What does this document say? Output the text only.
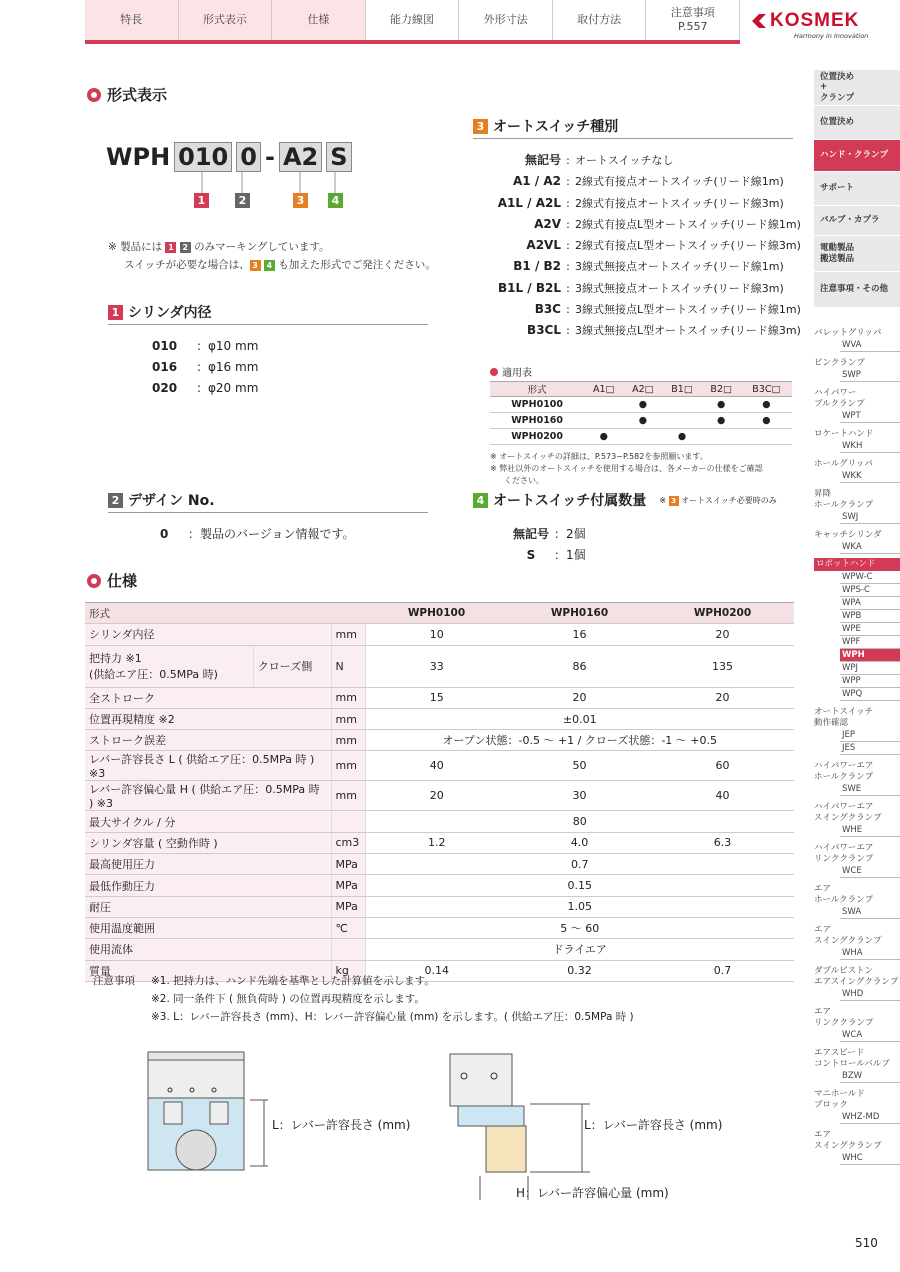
特長	形式表示	仕様	能力線図	外形寸法	取付方法
注意事項
P.557	KOSMEK
Harmony in Innovation
形式表示
WPH 010 0 - A2 S
1	2	3	4
※ 製品には 1 2 のみマーキングしています。
スイッチが必要な場合は、 3 4 も加えた形式でご発注ください。
1 シリンダ内径
010	: φ10 mm
016	: φ16 mm
020	: φ20 mm
2 デザイン No.
0	：製品のバージョン情報です。
3 オートスイッチ種別
無記号 : オートスイッチなし
A1 / A2 : 2線式有接点オートスイッチ(リード線1m)
A1L / A2L : 2線式有接点オートスイッチ(リード線3m)
A2V : 2線式有接点L型オートスイッチ(リード線1m)
A2VL : 2線式有接点L型オートスイッチ(リード線3m)
B1 / B2 : 3線式無接点オートスイッチ(リード線1m)
B1L / B2L : 3線式無接点オートスイッチ(リード線3m)
B3C : 3線式無接点L型オートスイッチ(リード線1m)
B3CL : 3線式無接点L型オートスイッチ(リード線3m)
適用表
形式	A1□	A2□	B1□	B2□	B3C□
WPH0100		●		●	●
WPH0160		●		●	●
WPH0200	●		●		
※ オートスイッチの詳細は、P.573~P.582を参照願います。
※ 弊社以外のオートスイッチを使用する場合は、各メーカーの仕様をご確認
ください。
4 オートスイッチ付属数量 ※ 3 オートスイッチ必要時のみ
無記号 ：2個
S	：1個
仕様
形式			WPH0100	WPH0160	WPH0200
シリンダ内径		mm	10	16	20

把持力 ※1
(供給エア圧：0.5MPa 時)	クローズ側	N	33	86	135
全ストローク		mm	15	20	20
位置再現精度 ※2		mm	±0.01		
ストローク誤差		mm	オープン状態：-0.5 ～ +1 / クローズ状態：-1 ～ +0.5		
レバー許容長さ L ( 供給エア圧：0.5MPa 時 ) ※3		mm	40	50	60
レバー許容偏心量 H ( 供給エア圧：0.5MPa 時 ) ※3		mm	20	30	40
最大サイクル / 分			80		
シリンダ容量 ( 空動作時 )		cm3	1.2	4.0	6.3
最高使用圧力		MPa	0.7		
最低作動圧力		MPa	0.15		
耐圧		MPa	1.05		
使用温度範囲		℃	5 ～ 60		
使用流体			ドライエア		
質量		kg	0.14	0.32	0.7
注意事項	※1. 把持力は、ハンド先端を基準とした計算値を示します。
※2. 同一条件下 ( 無負荷時 ) の位置再現精度を示します。
※3. L：レバー許容長さ (mm)、H：レバー許容偏心量 (mm) を示します。( 供給エア圧：0.5MPa 時 )
L：レバー許容長さ (mm)	L：レバー許容長さ (mm)
H：レバー許容偏心量 (mm)
位置決め
+
クランプ
位置決め
ハンド・クランプ
サポート
バルブ・カプラ
電動製品
搬送製品
注意事項・その他
パレットグリッパ
WVA
ピンクランプ
SWP
ハイパワー
ブルクランプ
WPT
ロケートハンド
WKH
ホールグリッパ
WKK
昇降
ホールクランプ
SWJ
キャッチシリンダ
WKA
ロボットハンド
WPW-C
WPS-C
WPA
WPB
WPE
WPF
WPH
WPJ
WPP
WPQ
オートスイッチ
動作確認
JEP
JES
ハイパワーエア
ホールクランプ
SWE
ハイパワーエア
スイングクランプ
WHE
ハイパワーエア
リンククランプ
WCE
エア
ホールクランプ
SWA
エア
スイングクランプ
WHA
ダブルピストン
エアスイングクランプ
WHD
エア
リンククランプ
WCA
エアスピード
コントロールバルブ
BZW
マニホールド
ブロック
WHZ-MD
エア
スイングクランプ
WHC
510
